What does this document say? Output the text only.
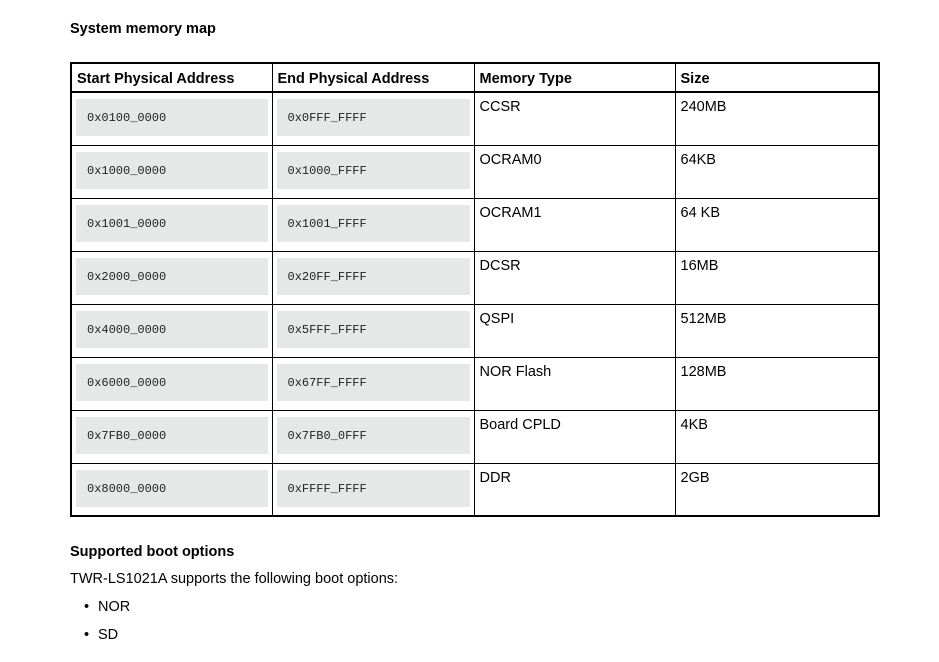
System memory map
Start Physical Address	End Physical Address	Memory Type	Size

0x0100_0000	0x0FFF_FFFF	CCSR	240MB

0x1000_0000	0x1000_FFFF	OCRAM0	64KB

0x1001_0000	0x1001_FFFF	OCRAM1	64 KB

0x2000_0000	0x20FF_FFFF	DCSR	16MB

0x4000_0000	0x5FFF_FFFF	QSPI	512MB

0x6000_0000	0x67FF_FFFF	NOR Flash	128MB

0x7FB0_0000	0x7FB0_0FFF	Board CPLD	4KB

0x8000_0000	0xFFFF_FFFF	DDR	2GB
Supported boot options

TWR-LS1021A supports the following boot options:

• NOR
• SD
